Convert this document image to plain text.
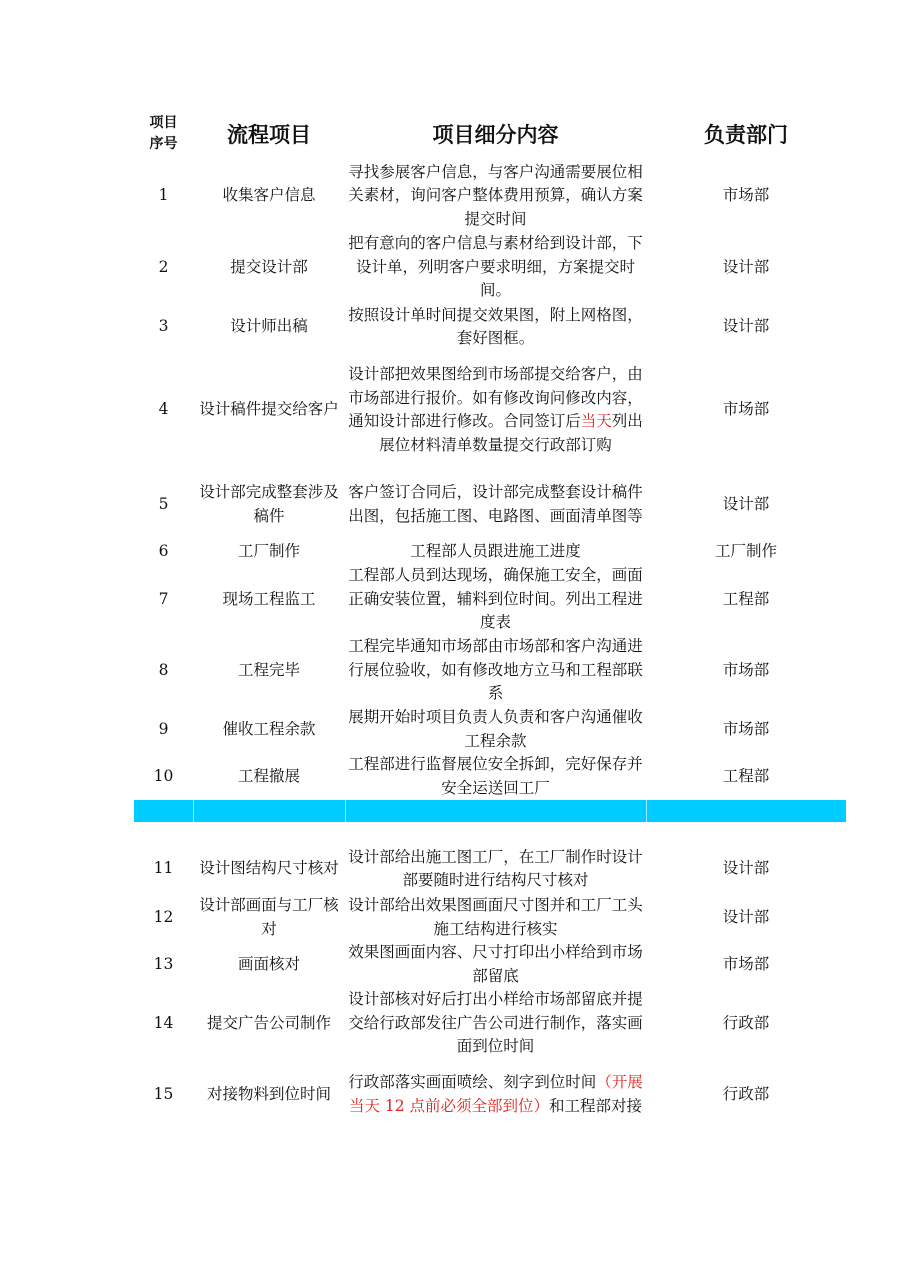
项目
序号	流程项目	项目细分内容	负责部门
1	收集客户信息	寻找参展客户信息，与客户沟通需要展位相关素材，询问客户整体费用预算，确认方案提交时间	市场部
2	提交设计部	把有意向的客户信息与素材给到设计部，下设计单，列明客户要求明细，方案提交时间。	设计部
3	设计师出稿	按照设计单时间提交效果图，附上网格图，套好图框。	设计部
4	设计稿件提交给客户	设计部把效果图给到市场部提交给客户，由市场部进行报价。如有修改询问修改内容，通知设计部进行修改。合同签订后当天列出展位材料清单数量提交行政部订购	市场部
5	设计部完成整套涉及稿件	客户签订合同后，设计部完成整套设计稿件出图，包括施工图、电路图、画面清单图等	设计部
6	工厂制作	工程部人员跟进施工进度	工厂制作
7	现场工程监工	工程部人员到达现场，确保施工安全，画面正确安装位置，辅料到位时间。列出工程进度表	工程部
8	工程完毕	工程完毕通知市场部由市场部和客户沟通进行展位验收，如有修改地方立马和工程部联系	市场部
9	催收工程余款	展期开始时项目负责人负责和客户沟通催收工程余款	市场部
10	工程撤展	工程部进行监督展位安全拆卸，完好保存并安全运送回工厂	工程部

11	设计图结构尺寸核对	设计部给出施工图工厂，在工厂制作时设计部要随时进行结构尺寸核对	设计部
12	设计部画面与工厂核对	设计部给出效果图画面尺寸图并和工厂工头施工结构进行核实	设计部
13	画面核对	效果图画面内容、尺寸打印出小样给到市场部留底	市场部
14	提交广告公司制作	设计部核对好后打出小样给市场部留底并提交给行政部发往广告公司进行制作，落实画面到位时间	行政部
15	对接物料到位时间	行政部落实画面喷绘、刻字到位时间（开展当天 12 点前必须全部到位）和工程部对接	行政部
